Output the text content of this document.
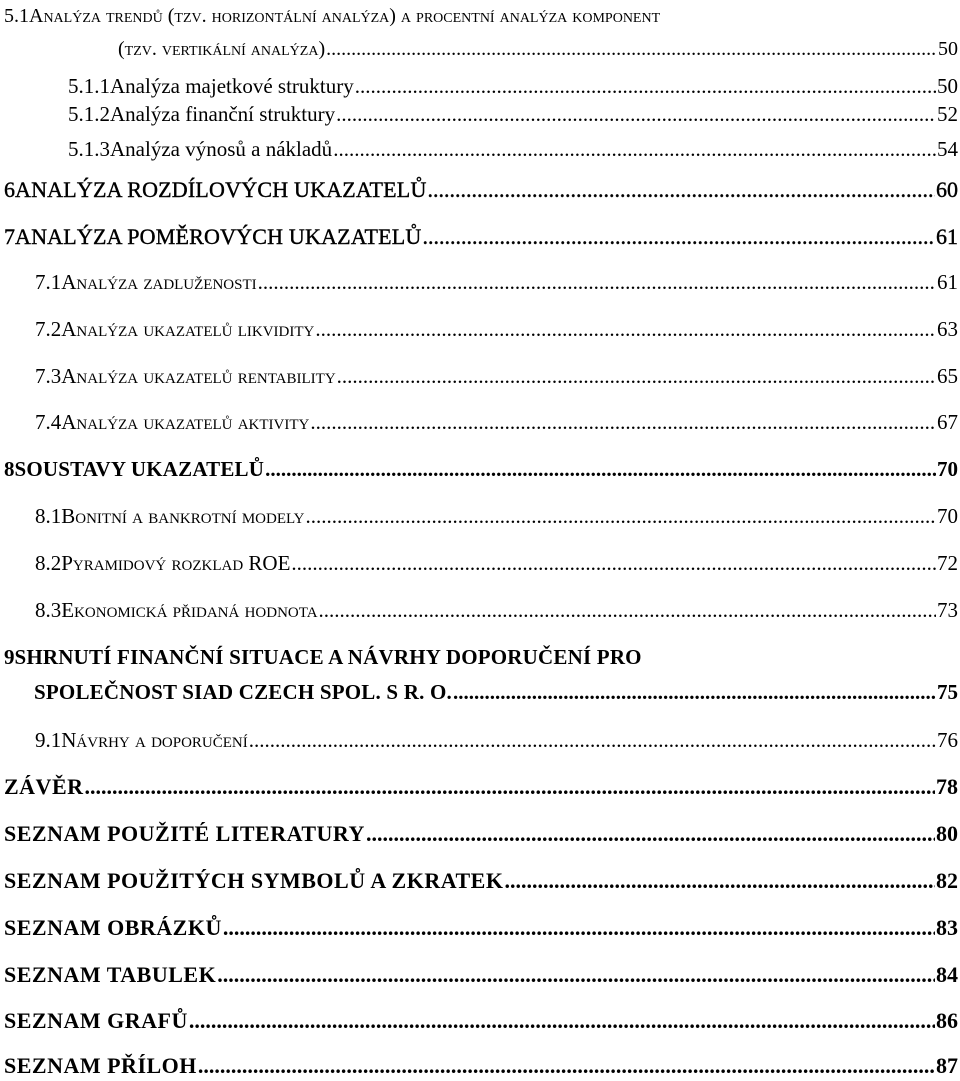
5.1Analýza trendů (tzv. horizontální analýza) a procentní analýza komponent
(tzv. vertikální analýza) .....	50
5.1.1 Analýza majetkové struktury .....	50
5.1.2 Analýza finanční struktury .....	52
5.1.3 Analýza výnosů a nákladů .....	54
6 ANALÝZA ROZDÍLOVÝCH UKAZATELŮ .....	60
7 ANALÝZA POMĚROVÝCH UKAZATELŮ .....	61
7.1 Analýza zadluženosti .....	61
7.2 Analýza ukazatelů likvidity .....	63
7.3 Analýza ukazatelů rentability .....	65
7.4 Analýza ukazatelů aktivity .....	67
8 SOUSTAVY UKAZATELŮ .....	70
8.1 Bonitní a bankrotní modely .....	70
8.2 Pyramidový rozklad ROE .....	72
8.3 Ekonomická přidaná hodnota .....	73
9SHRNUTÍ FINANČNÍ SITUACE A NÁVRHY DOPORUČENÍ PRO
SPOLEČNOST SIAD CZECH SPOL. S R. O. .....	75
9.1 Návrhy a doporučení .....	76
ZÁVĚR .....	78
SEZNAM POUŽITÉ LITERATURY .....	80
SEZNAM POUŽITÝCH SYMBOLŮ A ZKRATEK .....	82
SEZNAM OBRÁZKŮ .....	83
SEZNAM TABULEK .....	84
SEZNAM GRAFŮ .....	86
SEZNAM PŘÍLOH .....	87
